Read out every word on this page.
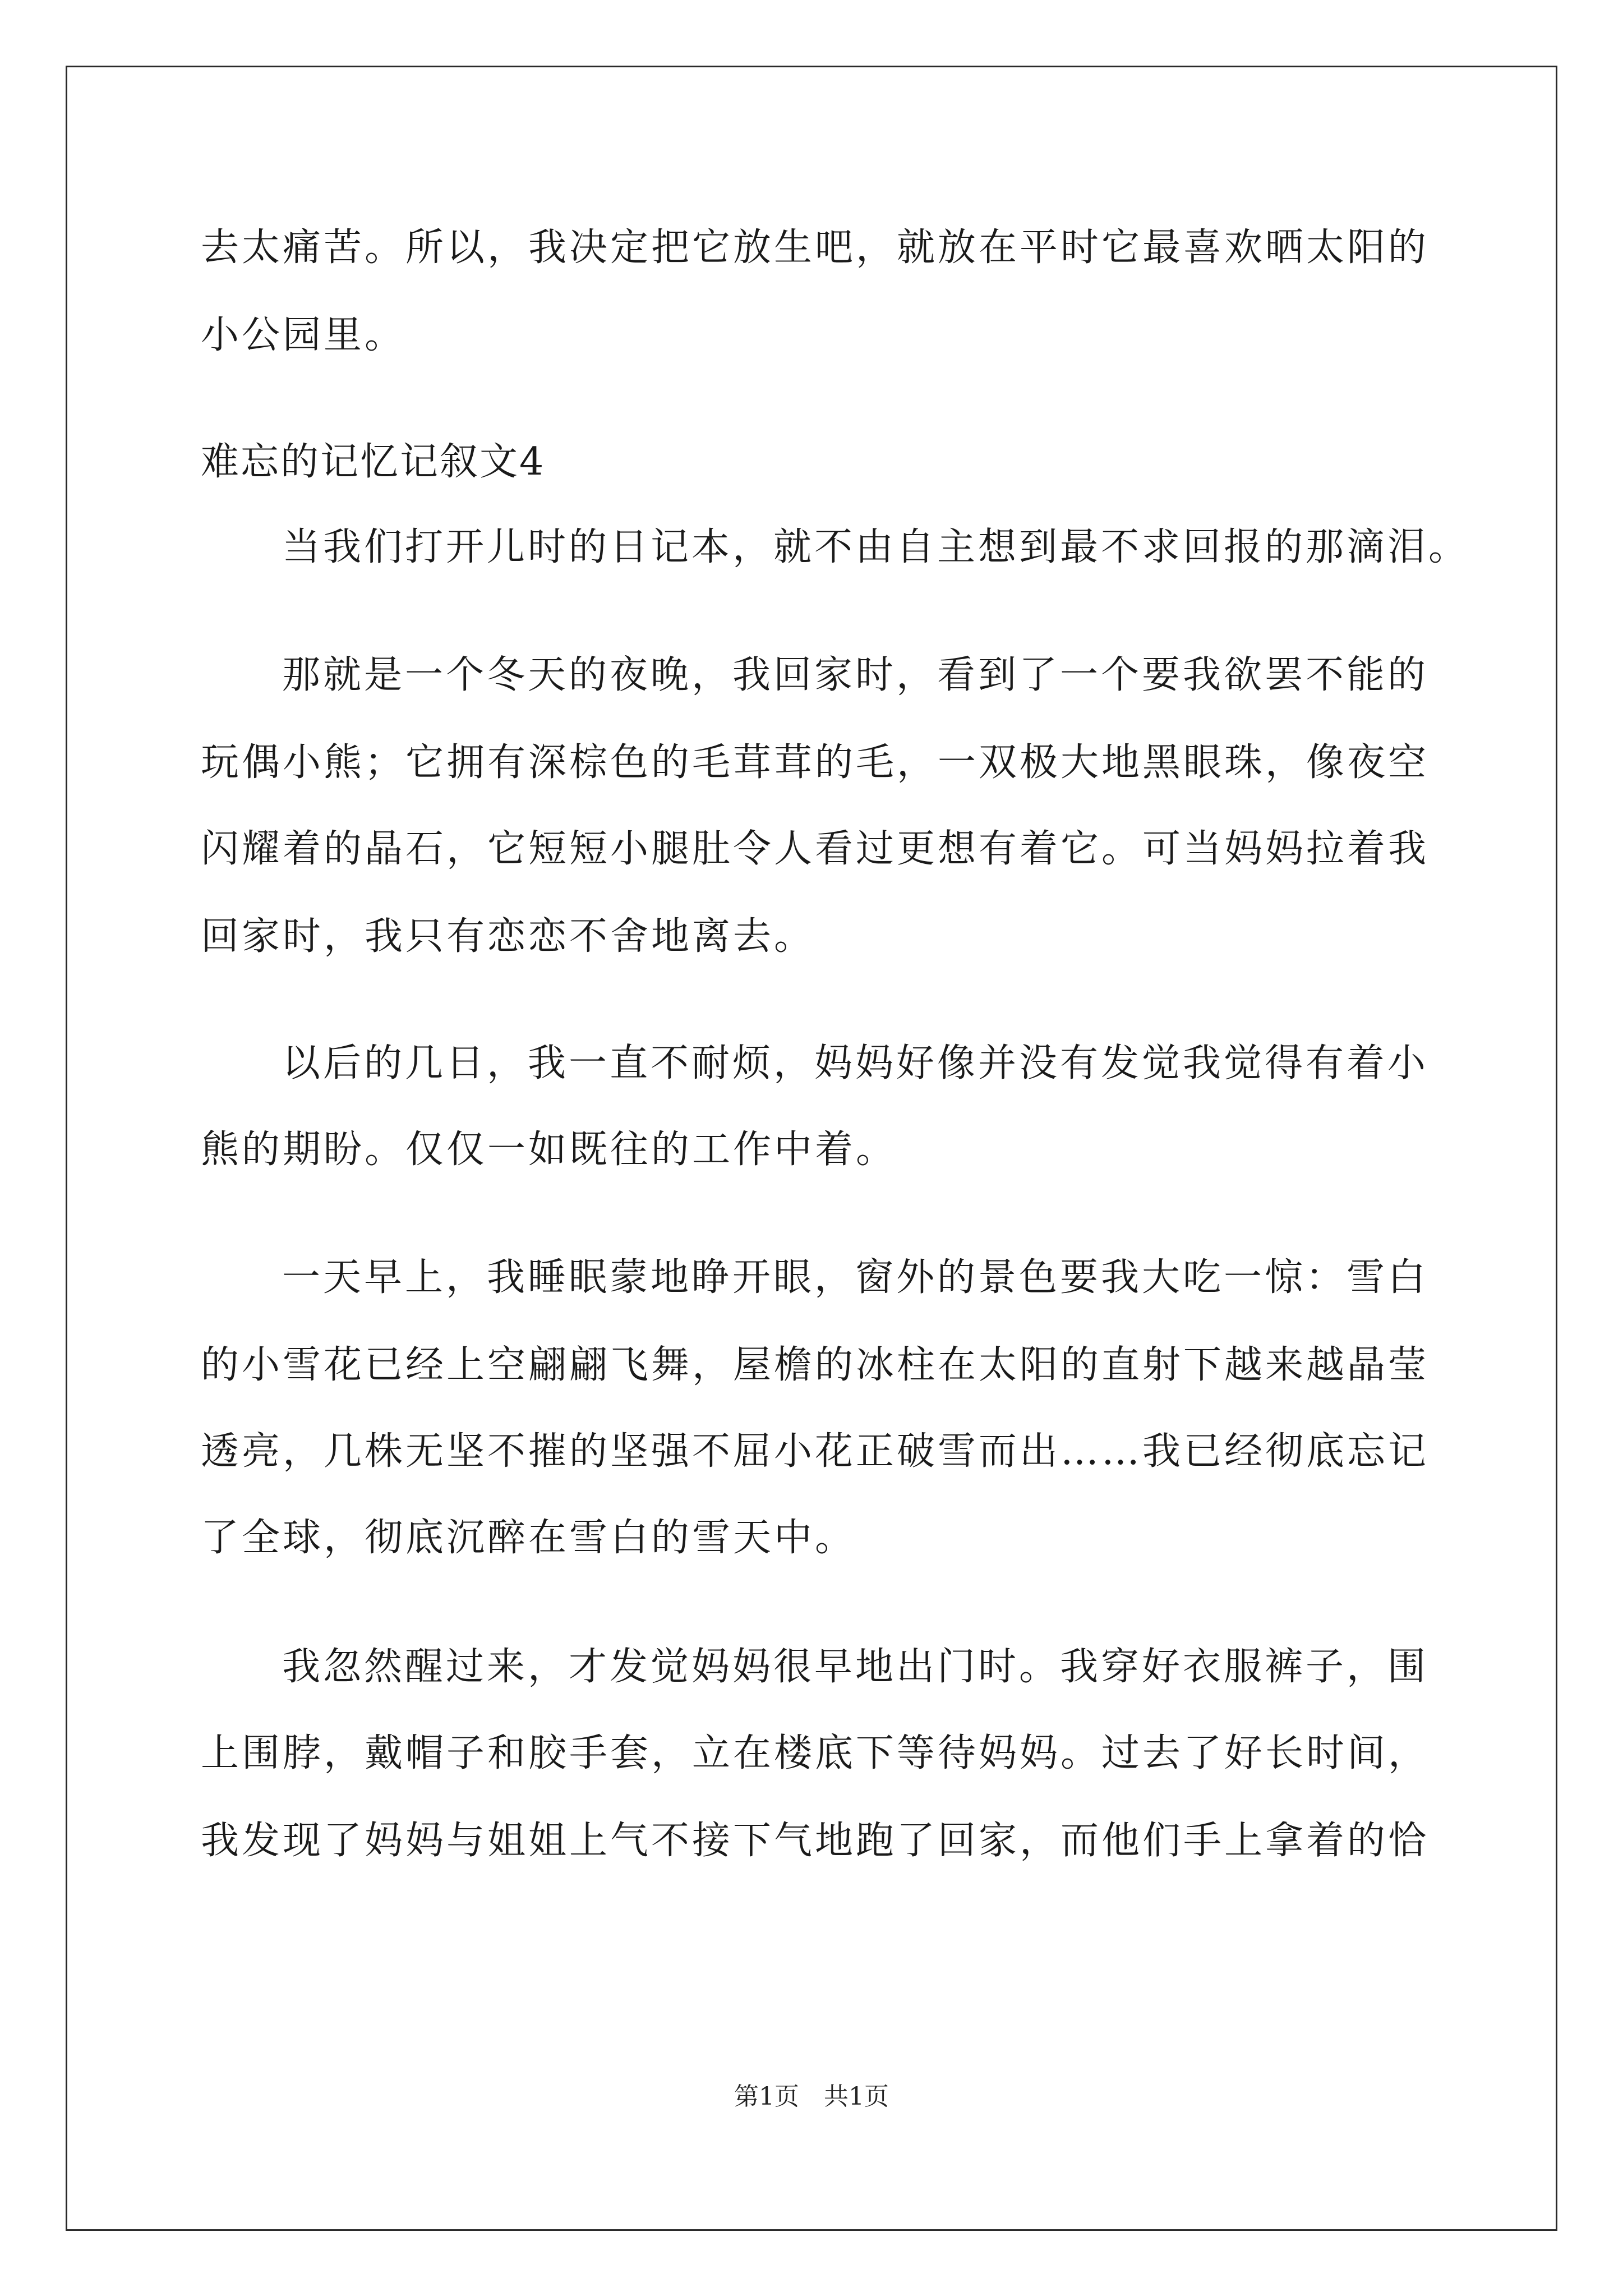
去太痛苦。所以，我决定把它放生吧，就放在平时它最喜欢晒太阳的
小公园里。
难忘的记忆记叙文4
当我们打开儿时的日记本，就不由自主想到最不求回报的那滴泪。
那就是一个冬天的夜晚，我回家时，看到了一个要我欲罢不能的
玩偶小熊；它拥有深棕色的毛茸茸的毛，一双极大地黑眼珠，像夜空
闪耀着的晶石，它短短小腿肚令人看过更想有着它。可当妈妈拉着我
回家时，我只有恋恋不舍地离去。
以后的几日，我一直不耐烦，妈妈好像并没有发觉我觉得有着小
熊的期盼。仅仅一如既往的工作中着。
一天早上，我睡眠蒙地睁开眼，窗外的景色要我大吃一惊：雪白
的小雪花已经上空翩翩飞舞，屋檐的冰柱在太阳的直射下越来越晶莹
透亮，几株无坚不摧的坚强不屈小花正破雪而出……我已经彻底忘记
了全球，彻底沉醉在雪白的雪天中。
我忽然醒过来，才发觉妈妈很早地出门时。我穿好衣服裤子，围
上围脖，戴帽子和胶手套，立在楼底下等待妈妈。过去了好长时间，
我发现了妈妈与姐姐上气不接下气地跑了回家，而他们手上拿着的恰
第1页　共1页
